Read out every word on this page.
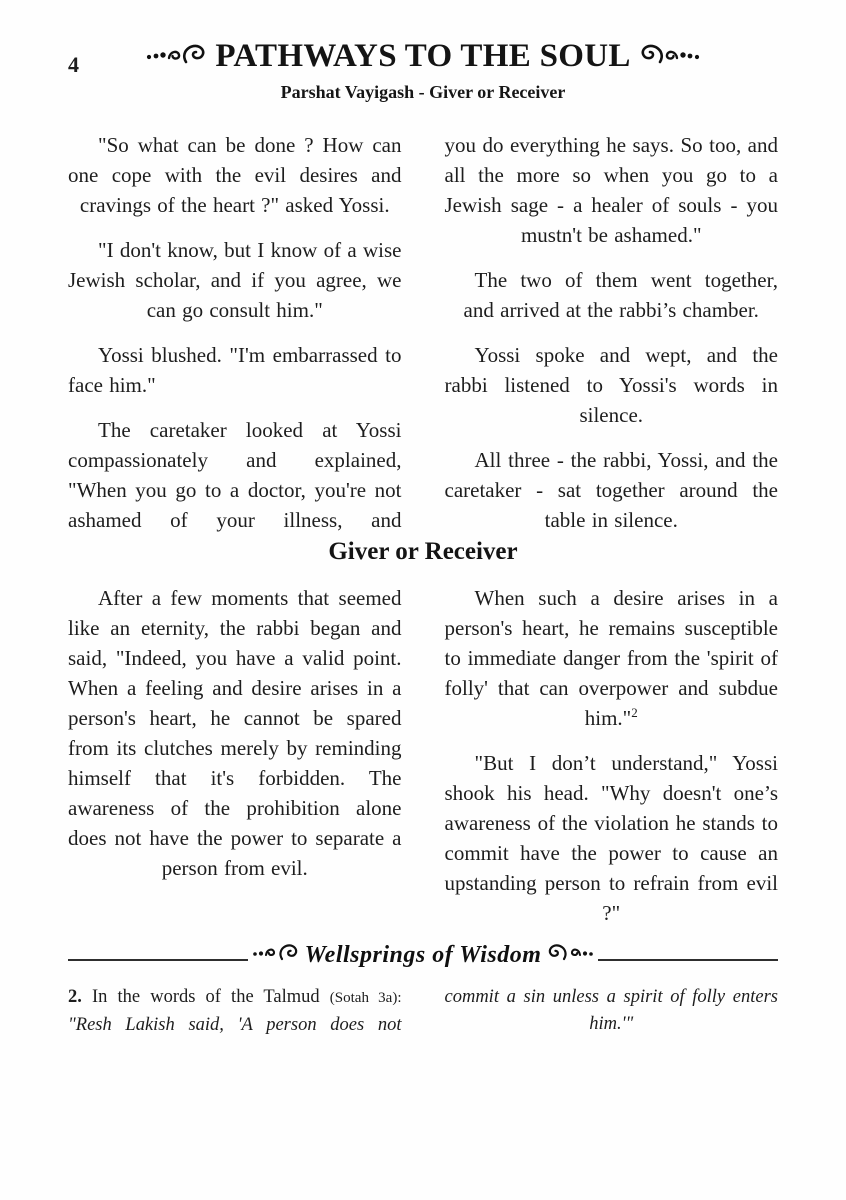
4	PATHWAYS TO THE SOUL
Parshat Vayigash - Giver or Receiver

"So what can be done ? How can one cope with the evil desires and cravings of the heart ?" asked Yossi.

"I don't know, but I know of a wise Jewish scholar, and if you agree, we can go consult him."

Yossi blushed. "I'm embarrassed to face him."

The caretaker looked at Yossi compassionately and explained, "When you go to a doctor, you're not ashamed of your illness, and

you do everything he says. So too, and all the more so when you go to a Jewish sage - a healer of souls - you mustn't be ashamed."

The two of them went together, and arrived at the rabbi’s chamber.

Yossi spoke and wept, and the rabbi listened to Yossi's words in silence.

All three - the rabbi, Yossi, and the caretaker - sat together around the table in silence.

Giver or Receiver

After a few moments that seemed like an eternity, the rabbi began and said, "Indeed, you have a valid point. When a feeling and desire arises in a person's heart, he cannot be spared from its clutches merely by reminding himself that it's forbidden. The awareness of the prohibition alone does not have the power to separate a person from evil.

When such a desire arises in a person's heart, he remains susceptible to immediate danger from the 'spirit of folly' that can overpower and subdue him."$^2$

"But I don’t understand," Yossi shook his head. "Why doesn't one’s awareness of the violation he stands to commit have the power to cause an upstanding person to refrain from evil ?"

Wellsprings of Wisdom

2. In the words of the Talmud (Sotah 3a): "Resh Lakish said, 'A person does not

commit a sin unless a spirit of folly enters him.'"
